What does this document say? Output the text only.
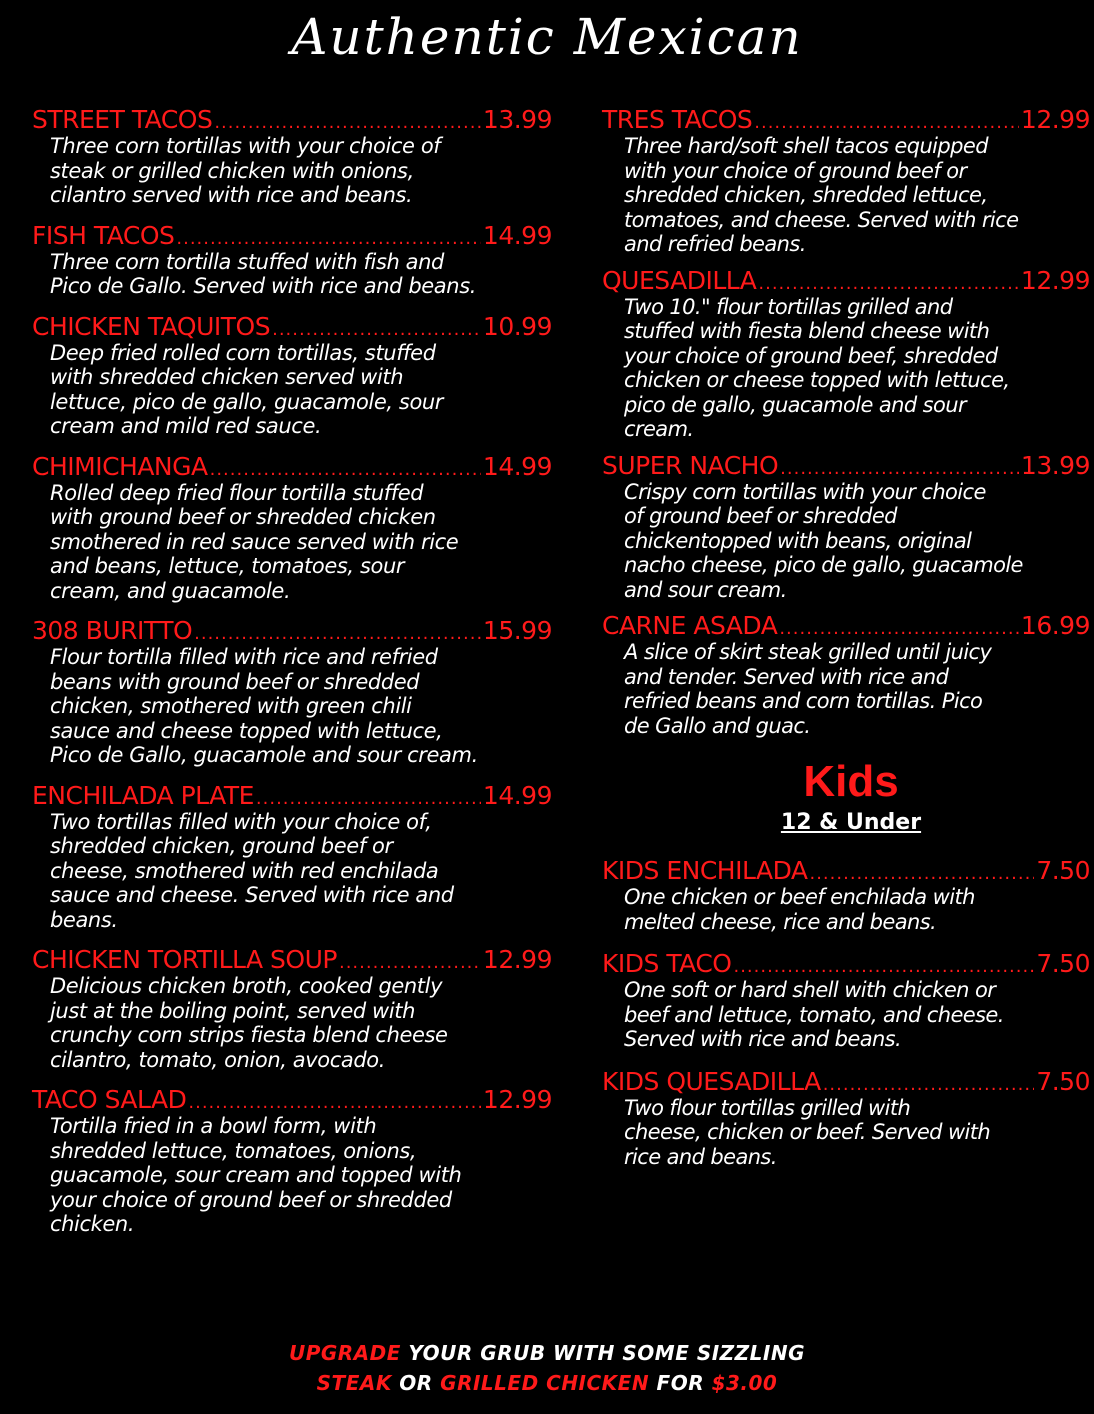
Authentic Mexican
STREET TACOS .....	13.99
Three corn tortillas with your choice of
steak or grilled chicken with onions,
cilantro served with rice and beans.
FISH TACOS .....	14.99
Three corn tortilla stuffed with fish and
Pico de Gallo. Served with rice and beans.
CHICKEN TAQUITOS .....	10.99
Deep fried rolled corn tortillas, stuffed
with shredded chicken served with
lettuce, pico de gallo, guacamole, sour
cream and mild red sauce.
CHIMICHANGA .....	14.99
Rolled deep fried flour tortilla stuffed
with ground beef or shredded chicken
smothered in red sauce served with rice
and beans, lettuce, tomatoes, sour
cream, and guacamole.
308 BURITTO .....	15.99
Flour tortilla filled with rice and refried
beans with ground beef or shredded
chicken, smothered with green chili
sauce and cheese topped with lettuce,
Pico de Gallo, guacamole and sour cream.
ENCHILADA PLATE .....	14.99
Two tortillas filled with your choice of,
shredded chicken, ground beef or
cheese, smothered with red enchilada
sauce and cheese. Served with rice and
beans.
CHICKEN TORTILLA SOUP .....	12.99
Delicious chicken broth, cooked gently
just at the boiling point, served with
crunchy corn strips fiesta blend cheese
cilantro, tomato, onion, avocado.
TACO SALAD .....	12.99
Tortilla fried in a bowl form, with
shredded lettuce, tomatoes, onions,
guacamole, sour cream and topped with
your choice of ground beef or shredded
chicken.
TRES TACOS .....	12.99
Three hard/soft shell tacos equipped
with your choice of ground beef or
shredded chicken, shredded lettuce,
tomatoes, and cheese. Served with rice
and refried beans.
QUESADILLA .....	12.99
Two 10." flour tortillas grilled and
stuffed with fiesta blend cheese with
your choice of ground beef, shredded
chicken or cheese topped with lettuce,
pico de gallo, guacamole and sour
cream.
SUPER NACHO .....	13.99
Crispy corn tortillas with your choice
of ground beef or shredded
chickentopped with beans, original
nacho cheese, pico de gallo, guacamole
and sour cream.
CARNE ASADA .....	16.99
A slice of skirt steak grilled until juicy
and tender. Served with rice and
refried beans and corn tortillas. Pico
de Gallo and guac.
Kids
12 & Under
KIDS ENCHILADA .....	7.50
One chicken or beef enchilada with
melted cheese, rice and beans.
KIDS TACO .....	7.50
One soft or hard shell with chicken or
beef and lettuce, tomato, and cheese.
Served with rice and beans.
KIDS QUESADILLA .....	7.50
Two flour tortillas grilled with
cheese, chicken or beef. Served with
rice and beans.
UPGRADE YOUR GRUB WITH SOME SIZZLING
STEAK OR GRILLED CHICKEN FOR $3.00
